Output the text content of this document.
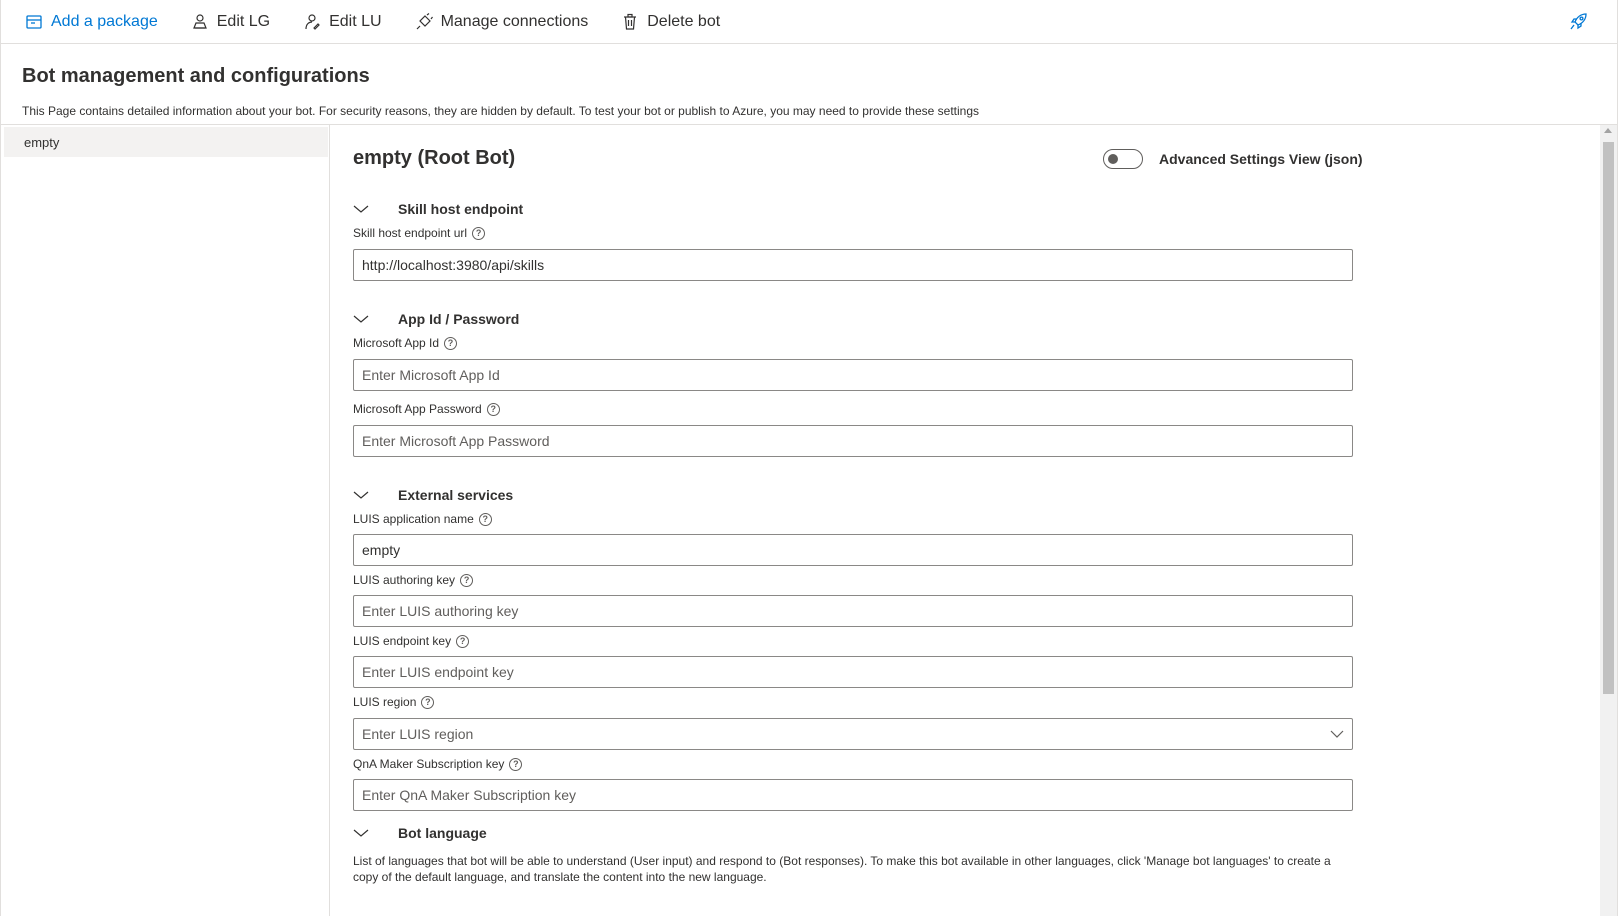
Add a package	Edit LG	Edit LU	Manage connections	Delete bot
Bot management and configurations
This Page contains detailed information about your bot. For security reasons, they are hidden by default. To test your bot or publish to Azure, you may need to provide these settings
empty
empty (Root Bot)	Advanced Settings View (json)
Skill host endpoint
Skill host endpoint url ?
http://localhost:3980/api/skills
App Id / Password
Microsoft App Id ?
Enter Microsoft App Id
Microsoft App Password ?
External services
LUIS application name ?
empty
LUIS authoring key ?
Enter LUIS authoring key
LUIS endpoint key ?
Enter LUIS endpoint key
LUIS region ?
Enter LUIS region
QnA Maker Subscription key ?
Enter QnA Maker Subscription key
Bot language
List of languages that bot will be able to understand (User input) and respond to (Bot responses). To make this bot available in other languages, click 'Manage bot languages' to create a copy of the default language, and translate the content into the new language.
